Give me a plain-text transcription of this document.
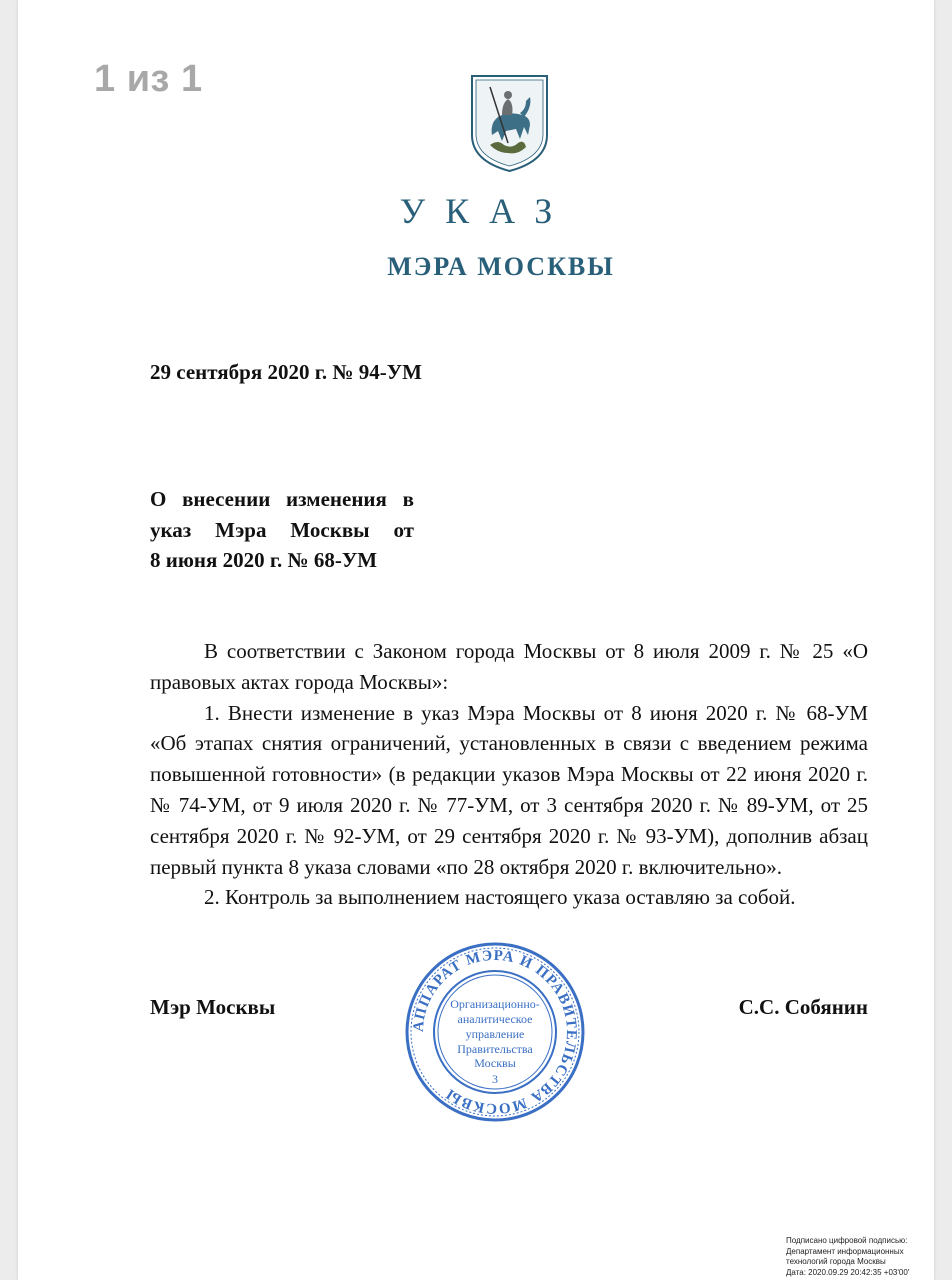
1 из 1
УКАЗ
МЭРА МОСКВЫ
29 сентября 2020 г. № 94-УМ
О внесении изменения в
указ Мэра Москвы от
8 июня 2020 г. № 68-УМ

В соответствии с Законом города Москвы от 8 июля 2009 г. № 25 «О правовых актах города Москвы»:

1. Внести изменение в указ Мэра Москвы от 8 июня 2020 г. № 68-УМ «Об этапах снятия ограничений, установленных в связи с введением режима повышенной готовности» (в редакции указов Мэра Москвы от 22 июня 2020 г. № 74-УМ, от 9 июля 2020 г. № 77-УМ, от 3 сентября 2020 г. № 89-УМ, от 25 сентября 2020 г. № 92-УМ, от 29 сентября 2020 г. № 93-УМ), дополнив абзац первый пункта 8 указа словами «по 28 октября 2020 г. включительно».

2. Контроль за выполнением настоящего указа оставляю за собой.

Мэр Москвы	С.С. Собянин
АППАРАТ МЭРА И ПРАВИТЕЛЬСТВА МОСКВЫ
Организационно-
аналитическое
управление
Правительства
Москвы
3
Подписано цифровой подписью:
Департамент информационных
технологий города Москвы
Дата: 2020.09.29 20:42:35 +03'00'
